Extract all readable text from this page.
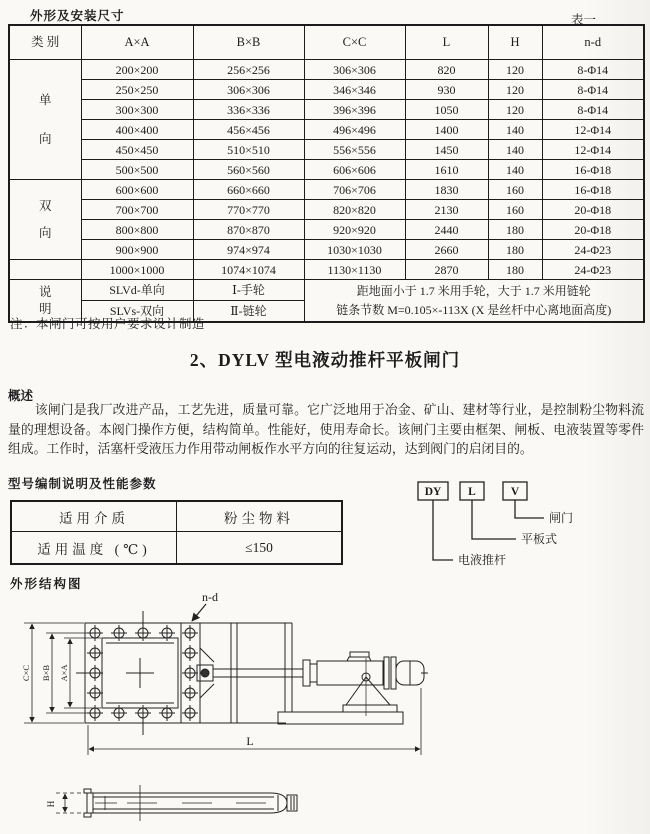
外形及安装尺寸	表一
类 别	A×A	B×B	C×C	L	H	n-d

单
向	200×200	256×256	306×306	820	120	8-Φ14
	250×250	306×306	346×346	930	120	8-Φ14
	300×300	336×336	396×396	1050	120	8-Φ14
	400×400	456×456	496×496	1400	140	12-Φ14
	450×450	510×510	556×556	1450	140	12-Φ14
	500×500	560×560	606×606	1610	140	16-Φ18

双
向	600×600	660×660	706×706	1830	160	16-Φ18
	700×700	770×770	820×820	2130	160	20-Φ18
	800×800	870×870	920×920	2440	180	20-Φ18
	900×900	974×974	1030×1030	2660	180	24-Φ23
	1000×1000	1074×1074	1130×1130	2870	180	24-Φ23

说
明
	SLVd-单向	Ⅰ-手轮	距地面小于 1.7 米用手轮，大于 1.7 米用链轮
链条节数 M=0.105×-113X (X 是丝杆中心离地面高度)

	SLVs-双向	Ⅱ-链轮				
注：本闸门可按用户要求设计制造
2、DYLV 型电液动推杆平板闸门
概述
该闸门是我厂改进产品，工艺先进，质量可靠。它广泛地用于冶金、矿山、建材等行业，是控制粉尘物料流量的理想设备。本阀门操作方便，结构简单。性能好，使用寿命长。该闸门主要由框架、闸板、电液装置等零件组成。工作时，活塞杆受液压力作用带动闸板作水平方向的往复运动，达到阀门的启闭目的。
型号编制说明及性能参数
适用介质	粉尘物料
适用温度 (℃)	≤150
DY L	V
闸门
平板式
电液推杆
外形结构图
n-d
C×C B×B A×A
L
H
